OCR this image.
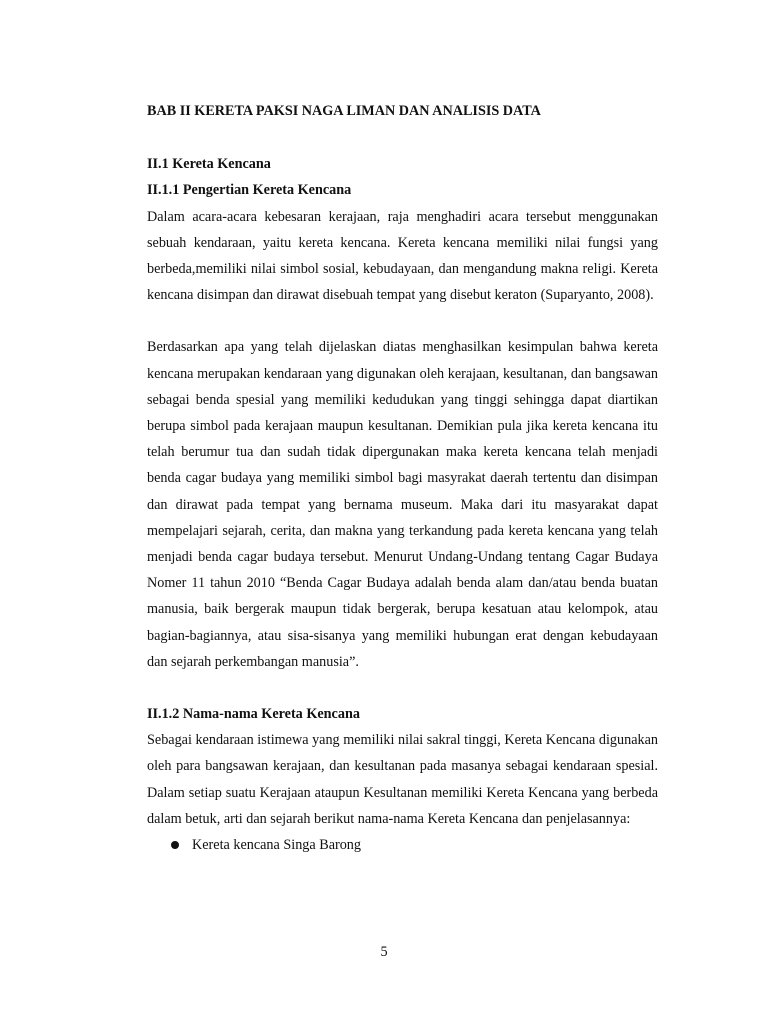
BAB II KERETA PAKSI NAGA LIMAN DAN ANALISIS DATA

II.1 Kereta Kencana

II.1.1 Pengertian Kereta Kencana

Dalam acara-acara kebesaran kerajaan, raja menghadiri acara tersebut menggunakan sebuah kendaraan, yaitu kereta kencana. Kereta kencana memiliki nilai fungsi yang berbeda,memiliki nilai simbol sosial, kebudayaan, dan mengandung makna religi. Kereta kencana disimpan dan dirawat disebuah tempat yang disebut keraton (Suparyanto, 2008).

Berdasarkan apa yang telah dijelaskan diatas menghasilkan kesimpulan bahwa kereta kencana merupakan kendaraan yang digunakan oleh kerajaan, kesultanan, dan bangsawan sebagai benda spesial yang memiliki kedudukan yang tinggi sehingga dapat diartikan berupa simbol pada kerajaan maupun kesultanan. Demikian pula jika kereta kencana itu telah berumur tua dan sudah tidak dipergunakan maka kereta kencana telah menjadi benda cagar budaya yang memiliki simbol bagi masyrakat daerah tertentu dan disimpan dan dirawat pada tempat yang bernama museum. Maka dari itu masyarakat dapat mempelajari sejarah, cerita, dan makna yang terkandung pada kereta kencana yang telah menjadi benda cagar budaya tersebut. Menurut Undang-Undang tentang Cagar Budaya Nomer 11 tahun 2010 “Benda Cagar Budaya adalah benda alam dan/atau benda buatan manusia, baik bergerak maupun tidak bergerak, berupa kesatuan atau kelompok, atau bagian-bagiannya, atau sisa-sisanya yang memiliki hubungan erat dengan kebudayaan dan sejarah perkembangan manusia”.

II.1.2 Nama-nama Kereta Kencana

Sebagai kendaraan istimewa yang memiliki nilai sakral tinggi, Kereta Kencana digunakan oleh para bangsawan kerajaan, dan kesultanan pada masanya sebagai kendaraan spesial. Dalam setiap suatu Kerajaan ataupun Kesultanan memiliki Kereta Kencana yang berbeda dalam betuk, arti dan sejarah berikut nama-nama Kereta Kencana dan penjelasannya:

Kereta kencana Singa Barong
5
